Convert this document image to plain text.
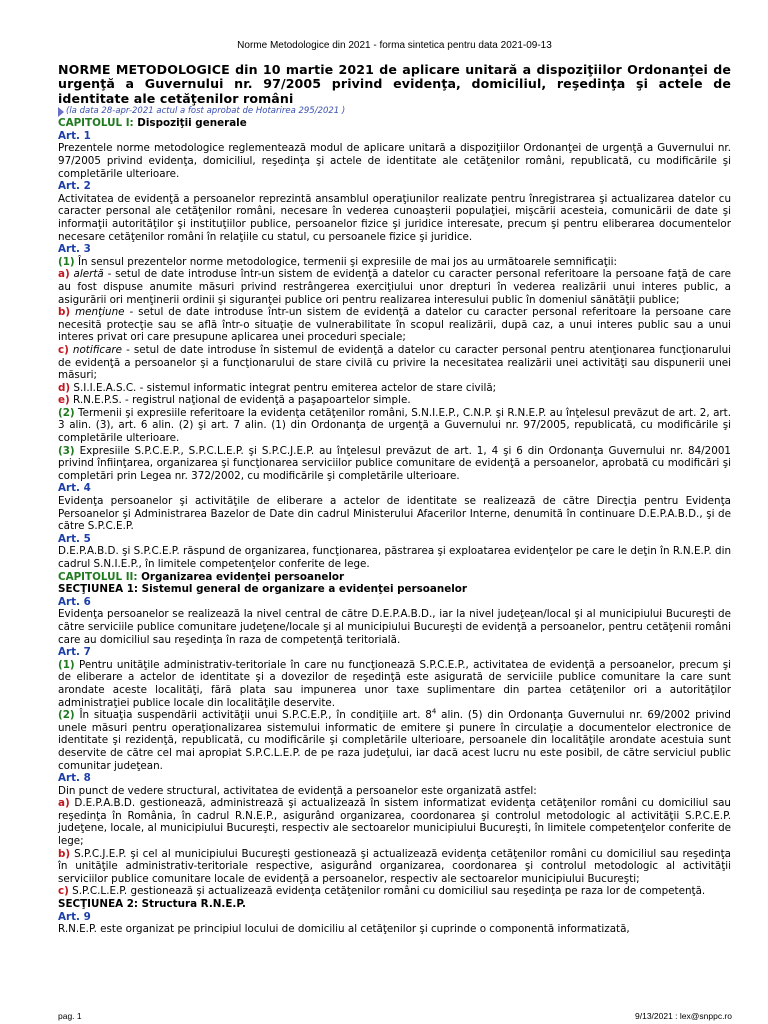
Norme Metodologice din 2021 - forma sintetica pentru data 2021-09-13
NORME METODOLOGICE din 10 martie 2021 de aplicare unitară a dispoziţiilor Ordonanţei de urgenţă a Guvernului nr. 97/2005 privind evidenţa, domiciliul, reşedinţa şi actele de identitate ale cetăţenilor români
(la data 28-apr-2021 actul a fost aprobat de Hotarirea 295/2021 )
CAPITOLUL I: Dispoziţii generale
Art. 1
Prezentele norme metodologice reglementează modul de aplicare unitară a dispoziţiilor Ordonanţei de urgenţă a Guvernului nr. 97/2005 privind evidenţa, domiciliul, reşedinţa şi actele de identitate ale cetăţenilor români, republicată, cu modificările şi completările ulterioare.
Art. 2
Activitatea de evidenţă a persoanelor reprezintă ansamblul operaţiunilor realizate pentru înregistrarea şi actualizarea datelor cu caracter personal ale cetăţenilor români, necesare în vederea cunoaşterii populaţiei, mişcării acesteia, comunicării de date şi informaţii autorităţilor şi instituţiilor publice, persoanelor fizice şi juridice interesate, precum şi pentru eliberarea documentelor necesare cetăţenilor români în relaţiile cu statul, cu persoanele fizice şi juridice.
Art. 3
(1) În sensul prezentelor norme metodologice, termenii şi expresiile de mai jos au următoarele semnificaţii:
a) alertă - setul de date introduse într-un sistem de evidenţă a datelor cu caracter personal referitoare la persoane faţă de care au fost dispuse anumite măsuri privind restrângerea exerciţiului unor drepturi în vederea realizării unui interes public, a asigurării ori menţinerii ordinii şi siguranţei publice ori pentru realizarea interesului public în domeniul sănătăţii publice;
b) menţiune - setul de date introduse într-un sistem de evidenţă a datelor cu caracter personal referitoare la persoane care necesită protecţie sau se află într-o situaţie de vulnerabilitate în scopul realizării, după caz, a unui interes public sau a unui interes privat ori care presupune aplicarea unei proceduri speciale;
c) notificare - setul de date introduse în sistemul de evidenţă a datelor cu caracter personal pentru atenţionarea funcţionarului de evidenţă a persoanelor şi a funcţionarului de stare civilă cu privire la necesitatea realizării unei activităţi sau dispunerii unei măsuri;
d) S.I.I.E.A.S.C. - sistemul informatic integrat pentru emiterea actelor de stare civilă;
e) R.N.E.P.S. - registrul naţional de evidenţă a paşapoartelor simple.
(2) Termenii şi expresiile referitoare la evidenţa cetăţenilor români, S.N.I.E.P., C.N.P. şi R.N.E.P. au înţelesul prevăzut de art. 2, art. 3 alin. (3), art. 6 alin. (2) şi art. 7 alin. (1) din Ordonanţa de urgenţă a Guvernului nr. 97/2005, republicată, cu modificările şi completările ulterioare.
(3) Expresiile S.P.C.E.P., S.P.C.L.E.P. şi S.P.C.J.E.P. au înţelesul prevăzut de art. 1, 4 şi 6 din Ordonanţa Guvernului nr. 84/2001 privind înfiinţarea, organizarea şi funcţionarea serviciilor publice comunitare de evidenţă a persoanelor, aprobată cu modificări şi completări prin Legea nr. 372/2002, cu modificările şi completările ulterioare.
Art. 4
Evidenţa persoanelor şi activităţile de eliberare a actelor de identitate se realizează de către Direcţia pentru Evidenţa Persoanelor şi Administrarea Bazelor de Date din cadrul Ministerului Afacerilor Interne, denumită în continuare D.E.P.A.B.D., şi de către S.P.C.E.P.
Art. 5
D.E.P.A.B.D. şi S.P.C.E.P. răspund de organizarea, funcţionarea, păstrarea şi exploatarea evidenţelor pe care le deţin în R.N.E.P. din cadrul S.N.I.E.P., în limitele competenţelor conferite de lege.
CAPITOLUL II: Organizarea evidenţei persoanelor
SECŢIUNEA 1: Sistemul general de organizare a evidenţei persoanelor
Art. 6
Evidenţa persoanelor se realizează la nivel central de către D.E.P.A.B.D., iar la nivel judeţean/local şi al municipiului Bucureşti de către serviciile publice comunitare judeţene/locale şi al municipiului Bucureşti de evidenţă a persoanelor, pentru cetăţenii români care au domiciliul sau reşedinţa în raza de competenţă teritorială.
Art. 7
(1) Pentru unităţile administrativ-teritoriale în care nu funcţionează S.P.C.E.P., activitatea de evidenţă a persoanelor, precum şi de eliberare a actelor de identitate şi a dovezilor de reşedinţă este asigurată de serviciile publice comunitare la care sunt arondate aceste localităţi, fără plata sau impunerea unor taxe suplimentare din partea cetăţenilor ori a autorităţilor administraţiei publice locale din localităţile deservite.
(2) În situaţia suspendării activităţii unui S.P.C.E.P., în condiţiile art. $8^4$ alin. (5) din Ordonanţa Guvernului nr. 69/2002 privind unele măsuri pentru operaţionalizarea sistemului informatic de emitere şi punere în circulaţie a documentelor electronice de identitate şi rezidenţă, republicată, cu modificările şi completările ulterioare, persoanele din localităţile arondate acestuia sunt deservite de către cel mai apropiat S.P.C.L.E.P. de pe raza judeţului, iar dacă acest lucru nu este posibil, de către serviciul public comunitar judeţean.
Art. 8
Din punct de vedere structural, activitatea de evidenţă a persoanelor este organizată astfel:
a) D.E.P.A.B.D. gestionează, administrează şi actualizează în sistem informatizat evidenţa cetăţenilor români cu domiciliul sau reşedinţa în România, în cadrul R.N.E.P., asigurând organizarea, coordonarea şi controlul metodologic al activităţii S.P.C.E.P. judeţene, locale, al municipiului Bucureşti, respectiv ale sectoarelor municipiului Bucureşti, în limitele competenţelor conferite de lege;
b) S.P.C.J.E.P. şi cel al municipiului Bucureşti gestionează şi actualizează evidenţa cetăţenilor români cu domiciliul sau reşedinţa în unităţile administrativ-teritoriale respective, asigurând organizarea, coordonarea şi controlul metodologic al activităţii serviciilor publice comunitare locale de evidenţă a persoanelor, respectiv ale sectoarelor municipiului Bucureşti;
c) S.P.C.L.E.P. gestionează şi actualizează evidenţa cetăţenilor români cu domiciliul sau reşedinţa pe raza lor de competenţă.
SECŢIUNEA 2: Structura R.N.E.P.
Art. 9
R.N.E.P. este organizat pe principiul locului de domiciliu al cetăţenilor şi cuprinde o componentă informatizată,
pag. 1	9/13/2021 : lex@snppc.ro
